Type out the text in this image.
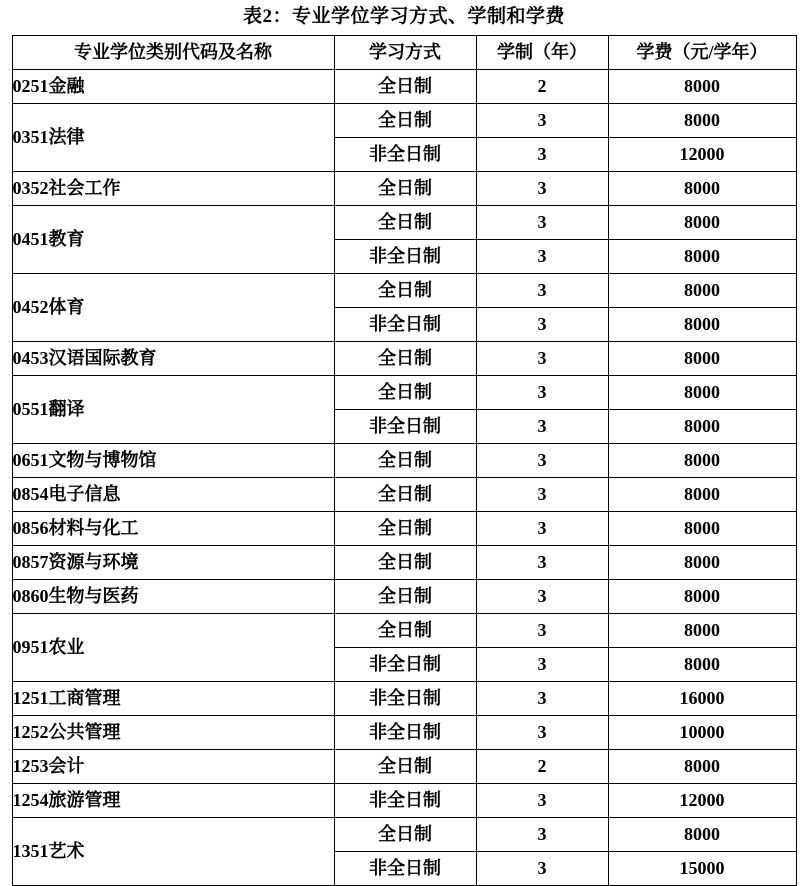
表2：专业学位学习方式、学制和学费
专业学位类别代码及名称	学习方式	学制（年）	学费（元/学年）
0251金融	全日制	2	8000
0351法律	全日制	3	8000
	非全日制	3	12000
0352社会工作	全日制	3	8000
0451教育	全日制	3	8000
	非全日制	3	8000
0452体育	全日制	3	8000
	非全日制	3	8000
0453汉语国际教育	全日制	3	8000
0551翻译	全日制	3	8000
	非全日制	3	8000
0651文物与博物馆	全日制	3	8000
0854电子信息	全日制	3	8000
0856材料与化工	全日制	3	8000
0857资源与环境	全日制	3	8000
0860生物与医药	全日制	3	8000
0951农业	全日制	3	8000
	非全日制	3	8000
1251工商管理	非全日制	3	16000
1252公共管理	非全日制	3	10000
1253会计	全日制	2	8000
1254旅游管理	非全日制	3	12000
1351艺术	全日制	3	8000
	非全日制	3	15000
